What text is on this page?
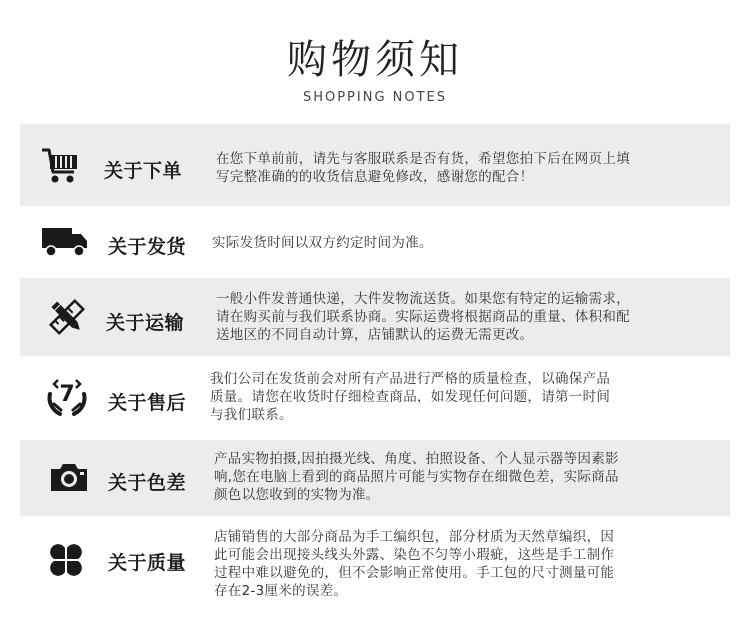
购物须知
SHOPPING NOTES
关于下单
在您下单前前，请先与客服联系是否有货，希望您拍下后在网页上填
写完整准确的的收货信息避免修改，感谢您的配合！
关于发货 实际发货时间以双方约定时间为准。
关于运输
一般小件发普通快递，大件发物流送货。如果您有特定的运输需求，
请在购买前与我们联系协商。实际运费将根据商品的重量、体积和配
送地区的不同自动计算，店铺默认的运费无需更改。
7 关于售后
我们公司在发货前会对所有产品进行严格的质量检查，以确保产品
质量。请您在收货时仔细检查商品，如发现任何问题，请第一时间
与我们联系。
关于色差
产品实物拍摄,因拍摄光线、角度、拍照设备、个人显示器等因素影
响,您在电脑上看到的商品照片可能与实物存在细微色差，实际商品
颜色以您收到的实物为准。
关于质量
店铺销售的大部分商品为手工编织包，部分材质为天然草编织，因
此可能会出现接头线头外露、染色不匀等小瑕疵，这些是手工制作
过程中难以避免的，但不会影响正常使用。手工包的尺寸测量可能
存在2-3厘米的误差。
